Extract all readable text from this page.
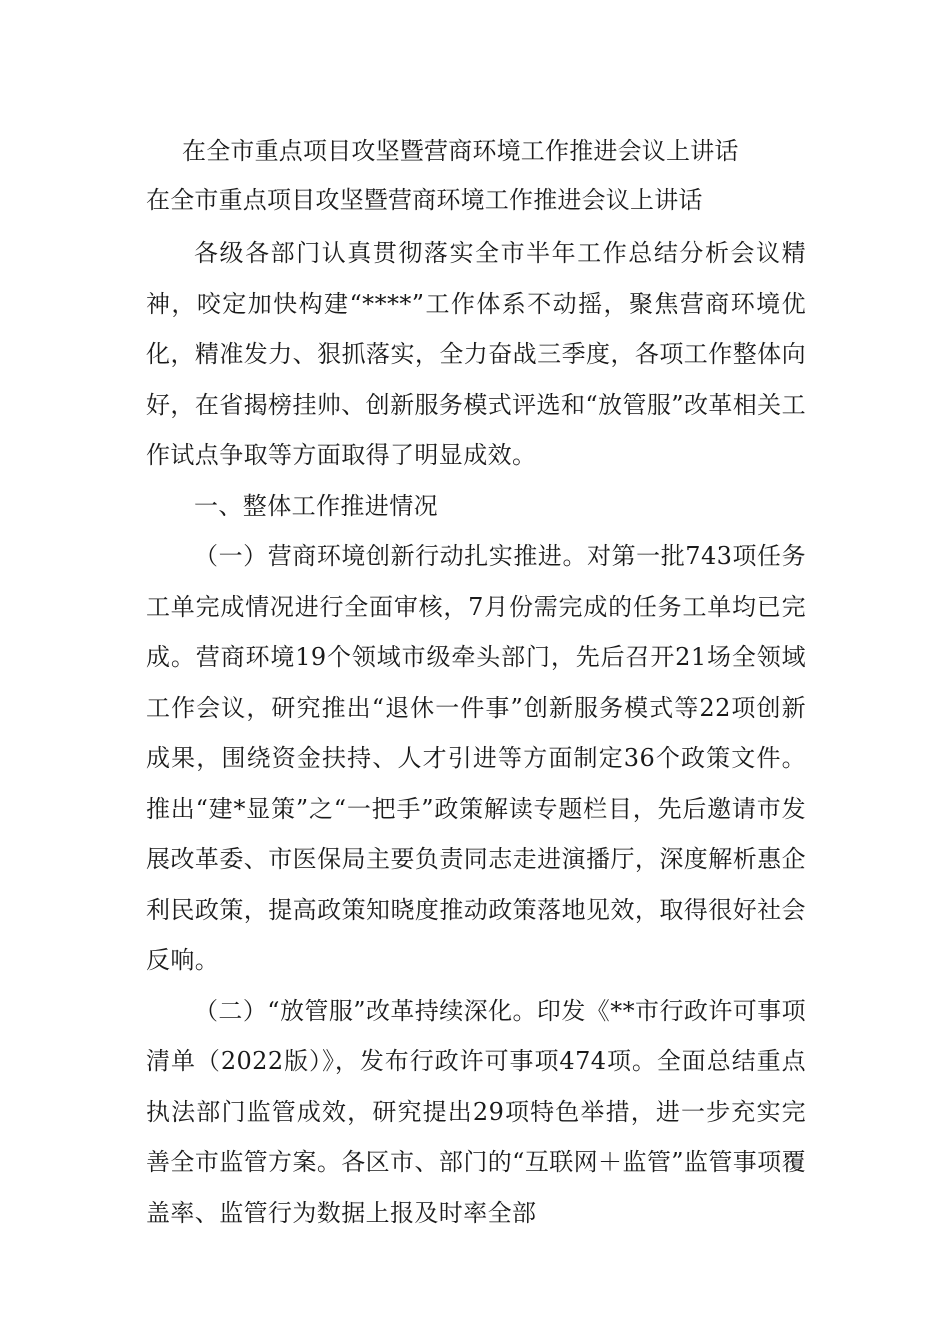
在全市重点项目攻坚暨营商环境工作推进会议上讲话
在全市重点项目攻坚暨营商环境工作推进会议上讲话

各级各部门认真贯彻落实全市半年工作总结分析会议精神，咬定加快构建“****”工作体系不动摇，聚焦营商环境优化，精准发力、狠抓落实，全力奋战三季度，各项工作整体向好，在省揭榜挂帅、创新服务模式评选和“放管服”改革相关工作试点争取等方面取得了明显成效。

一、整体工作推进情况

（一）营商环境创新行动扎实推进。对第一批743项任务工单完成情况进行全面审核，7月份需完成的任务工单均已完成。营商环境19个领域市级牵头部门，先后召开21场全领域工作会议，研究推出“退休一件事”创新服务模式等22项创新成果，围绕资金扶持、人才引进等方面制定36个政策文件。推出“建*显策”之“一把手”政策解读专题栏目，先后邀请市发展改革委、市医保局主要负责同志走进演播厅，深度解析惠企利民政策，提高政策知晓度推动政策落地见效，取得很好社会反响。

（二）“放管服”改革持续深化。印发《**市行政许可事项清单（2022版）》，发布行政许可事项474项。全面总结重点执法部门监管成效，研究提出29项特色举措，进一步充实完善全市监管方案。各区市、部门的“互联网＋监管”监管事项覆盖率、监管行为数据上报及时率全部
